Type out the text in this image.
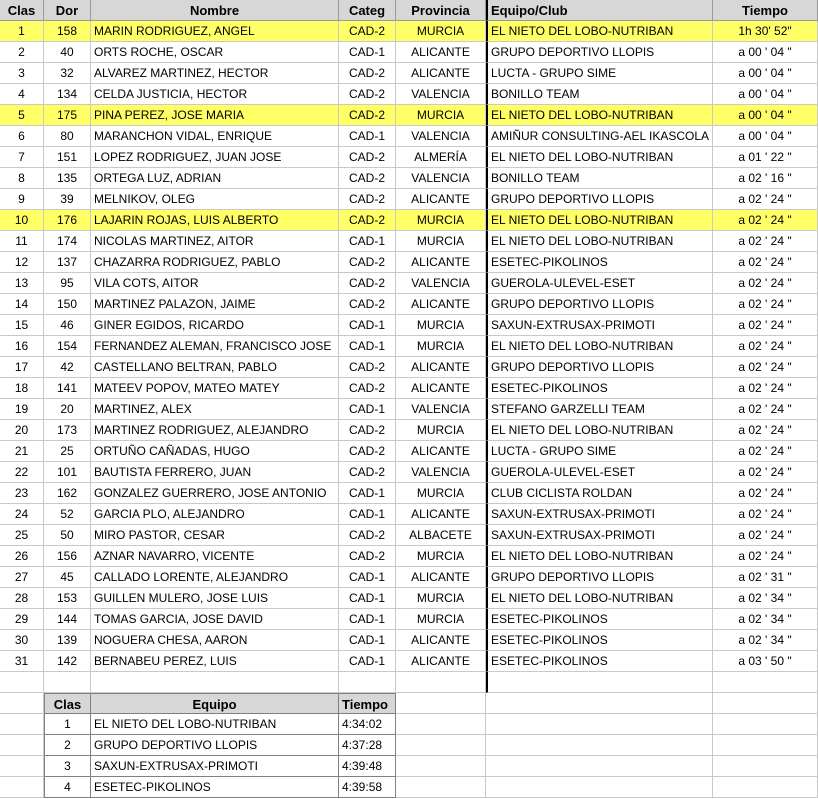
Clas	Dor	Nombre	Categ	Provincia	Equipo/Club	Tiempo
1	158	MARIN RODRIGUEZ, ANGEL	CAD-2	MURCIA	EL NIETO DEL LOBO-NUTRIBAN	1h 30' 52"
2	40	ORTS ROCHE, OSCAR	CAD-1	ALICANTE	GRUPO DEPORTIVO LLOPIS	a 00 ' 04 "
3	32	ALVAREZ MARTINEZ, HECTOR	CAD-2	ALICANTE	LUCTA - GRUPO SIME	a 00 ' 04 "
4	134	CELDA JUSTICIA, HECTOR	CAD-2	VALENCIA	BONILLO TEAM	a 00 ' 04 "
5	175	PINA PEREZ, JOSE MARIA	CAD-2	MURCIA	EL NIETO DEL LOBO-NUTRIBAN	a 00 ' 04 "
6	80	MARANCHON VIDAL, ENRIQUE	CAD-1	VALENCIA	AMIÑUR CONSULTING-AEL IKASCOLA	a 00 ' 04 "
7	151	LOPEZ RODRIGUEZ, JUAN JOSE	CAD-2	ALMERÍA	EL NIETO DEL LOBO-NUTRIBAN	a 01 ' 22 "
8	135	ORTEGA LUZ, ADRIAN	CAD-2	VALENCIA	BONILLO TEAM	a 02 ' 16 "
9	39	MELNIKOV, OLEG	CAD-2	ALICANTE	GRUPO DEPORTIVO LLOPIS	a 02 ' 24 "
10	176	LAJARIN ROJAS, LUIS ALBERTO	CAD-2	MURCIA	EL NIETO DEL LOBO-NUTRIBAN	a 02 ' 24 "
11	174	NICOLAS MARTINEZ, AITOR	CAD-1	MURCIA	EL NIETO DEL LOBO-NUTRIBAN	a 02 ' 24 "
12	137	CHAZARRA RODRIGUEZ, PABLO	CAD-2	ALICANTE	ESETEC-PIKOLINOS	a 02 ' 24 "
13	95	VILA COTS, AITOR	CAD-2	VALENCIA	GUEROLA-ULEVEL-ESET	a 02 ' 24 "
14	150	MARTINEZ PALAZON, JAIME	CAD-2	ALICANTE	GRUPO DEPORTIVO LLOPIS	a 02 ' 24 "
15	46	GINER EGIDOS, RICARDO	CAD-1	MURCIA	SAXUN-EXTRUSAX-PRIMOTI	a 02 ' 24 "
16	154	FERNANDEZ ALEMAN, FRANCISCO JOSE	CAD-1	MURCIA	EL NIETO DEL LOBO-NUTRIBAN	a 02 ' 24 "
17	42	CASTELLANO BELTRAN, PABLO	CAD-2	ALICANTE	GRUPO DEPORTIVO LLOPIS	a 02 ' 24 "
18	141	MATEEV POPOV, MATEO MATEY	CAD-2	ALICANTE	ESETEC-PIKOLINOS	a 02 ' 24 "
19	20	MARTINEZ, ALEX	CAD-1	VALENCIA	STEFANO GARZELLI TEAM	a 02 ' 24 "
20	173	MARTINEZ RODRIGUEZ, ALEJANDRO	CAD-2	MURCIA	EL NIETO DEL LOBO-NUTRIBAN	a 02 ' 24 "
21	25	ORTUÑO CAÑADAS, HUGO	CAD-2	ALICANTE	LUCTA - GRUPO SIME	a 02 ' 24 "
22	101	BAUTISTA FERRERO, JUAN	CAD-2	VALENCIA	GUEROLA-ULEVEL-ESET	a 02 ' 24 "
23	162	GONZALEZ GUERRERO, JOSE ANTONIO	CAD-1	MURCIA	CLUB CICLISTA ROLDAN	a 02 ' 24 "
24	52	GARCIA PLO, ALEJANDRO	CAD-1	ALICANTE	SAXUN-EXTRUSAX-PRIMOTI	a 02 ' 24 "
25	50	MIRO PASTOR, CESAR	CAD-2	ALBACETE	SAXUN-EXTRUSAX-PRIMOTI	a 02 ' 24 "
26	156	AZNAR NAVARRO, VICENTE	CAD-2	MURCIA	EL NIETO DEL LOBO-NUTRIBAN	a 02 ' 24 "
27	45	CALLADO LORENTE, ALEJANDRO	CAD-1	ALICANTE	GRUPO DEPORTIVO LLOPIS	a 02 ' 31 "
28	153	GUILLEN MULERO, JOSE LUIS	CAD-1	MURCIA	EL NIETO DEL LOBO-NUTRIBAN	a 02 ' 34 "
29	144	TOMAS GARCIA, JOSE DAVID	CAD-1	MURCIA	ESETEC-PIKOLINOS	a 02 ' 34 "
30	139	NOGUERA CHESA, AARON	CAD-1	ALICANTE	ESETEC-PIKOLINOS	a 02 ' 34 "
31	142	BERNABEU PEREZ, LUIS	CAD-1	ALICANTE	ESETEC-PIKOLINOS	a 03 ' 50 "
Clas	Equipo	Tiempo
1	EL NIETO DEL LOBO-NUTRIBAN	4:34:02
2	GRUPO DEPORTIVO LLOPIS	4:37:28
3	SAXUN-EXTRUSAX-PRIMOTI	4:39:48
4	ESETEC-PIKOLINOS	4:39:58
